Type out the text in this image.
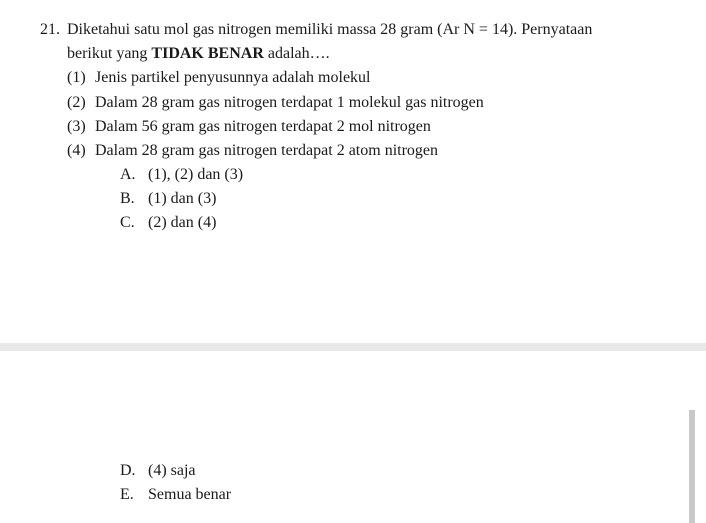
21. Diketahui satu mol gas nitrogen memiliki massa 28 gram (Ar N = 14). Pernyataan
berikut yang TIDAK BENAR adalah….
(1) Jenis partikel penyusunnya adalah molekul
(2) Dalam 28 gram gas nitrogen terdapat 1 molekul gas nitrogen
(3) Dalam 56 gram gas nitrogen terdapat 2 mol nitrogen
(4) Dalam 28 gram gas nitrogen terdapat 2 atom nitrogen
A. (1), (2) dan (3)
B. (1) dan (3)
C. (2) dan (4)
D. (4) saja
E. Semua benar
